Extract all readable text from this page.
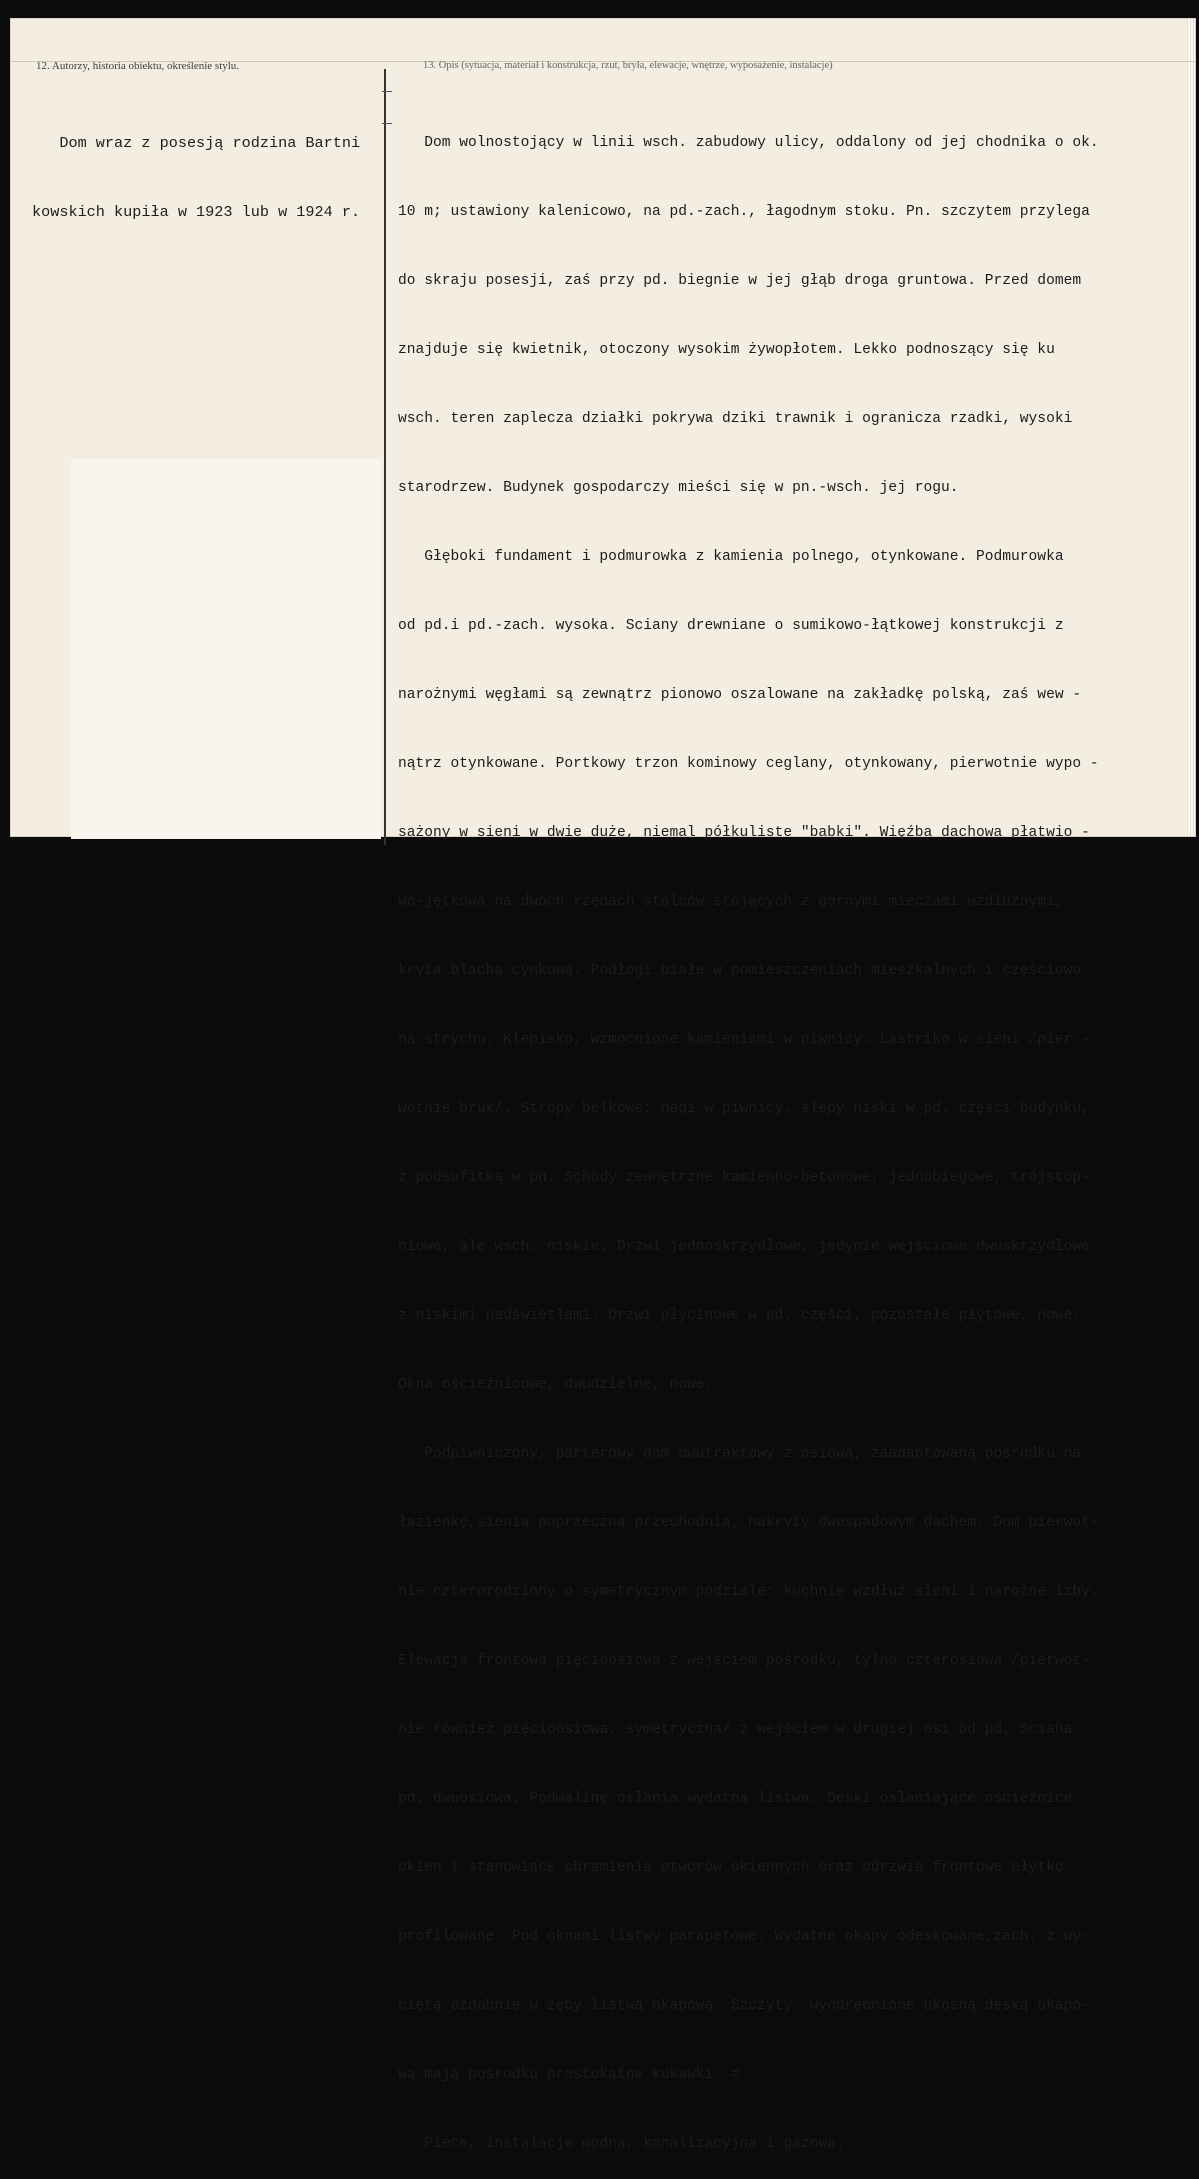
12. Autorzy, historia obiektu, określenie stylu.	13. Opis (sytuacja, materiał i konstrukcja, rzut, bryła, elewacje, wnętrze, wyposażenie, instalacje)

Dom wraz z posesją rodzina Bartni

kowskich kupiła w 1923 lub w 1924 r.

Dom wolnostojący w linii wsch. zabudowy ulicy, oddalony od jej chodnika o ok.

10 m; ustawiony kalenicowo, na pd.-zach., łagodnym stoku. Pn. szczytem przylega

do skraju posesji, zaś przy pd. biegnie w jej głąb droga gruntowa. Przed domem

znajduje się kwietnik, otoczony wysokim żywopłotem. Lekko podnoszący się ku

wsch. teren zaplecza działki pokrywa dziki trawnik i ogranicza rzadki, wysoki

starodrzew. Budynek gospodarczy mieści się w pn.-wsch. jej rogu.

Głęboki fundament i podmurowka z kamienia polnego, otynkowane. Podmurowka

od pd.i pd.-zach. wysoka. Sciany drewniane o sumikowo-łątkowej konstrukcji z

narożnymi węgłami są zewnątrz pionowo oszalowane na zakładkę polską, zaś wew -

nątrz otynkowane. Portkowy trzon kominowy ceglany, otynkowany, pierwotnie wypo -

sażony w sieni w dwie duże, niemal półkuliste "babki". Więźba dachowa płatwio -

wo-jętkowa na dwóch rzędach stolców stojących z górnymi mieczami wzdłużnymi,

kryta blachą cynkową. Podłogi białe w pomieszczeniach mieszkalnych i częściowo

na strychu. Klepisko, wzmocnione kamieniami w piwnicy. Lastriko w sieni /pier -

wotnie bruk/. Stropy belkowe: nagi w piwnicy, ślepy niski w pd. części budynku,

z podsufitką w pn. Schody zewnętrzne kamienno-betonowe, jednobiegowe, trójstop-

niowe, ale wsch. niskie. Drzwi jednoskrzydłowe, jedynie wejściowe dwuskrzydłowe

z niskimi nadświetlami. Drzwi płycinowe w pd. części, pozostałe płytowe, nowe.

Okna ościeżnicowe, dwudzielne, nowe.

Podpiwniczony, parterowy dom dwutraktowy z osiową, zaadaptowaną pośrodku na

łazienkę,sienią poprzeczną przechodnią, nakryty dwuspadowym dachem. Dom pierwot-

nie czterorodzinny o symetrycznym podziale: kuchnie wzdłuż sieni i narożne izby.

Elewacja frontowa pięcioosiowa z wejściem pośrodku, tylna czterosiowa /pierwot-

nie również pięcioosiowa, symetryczna/ z wejściem w drugiej osi od pd. Sciana

pd. dwuosiowa. Podwalinę osłania wydatna listwa. Deski osłaniające ościeżnice

okien i stanowiące obramienia otworów okiennych oraz odrzwia frontowe płytko

profilowane. Pod oknami listwy parapetowe. Wydatne okapy odeskowane,zach. z wy-

ciętą ozdobnie w zęby listwą okapową. Szczyty  wyodrębnione ukośną deską okapo-

wą mają pośrodku prostokątne kukawki. =

Piece, instalacje wodna, kanalizacyjna i gazowa.
